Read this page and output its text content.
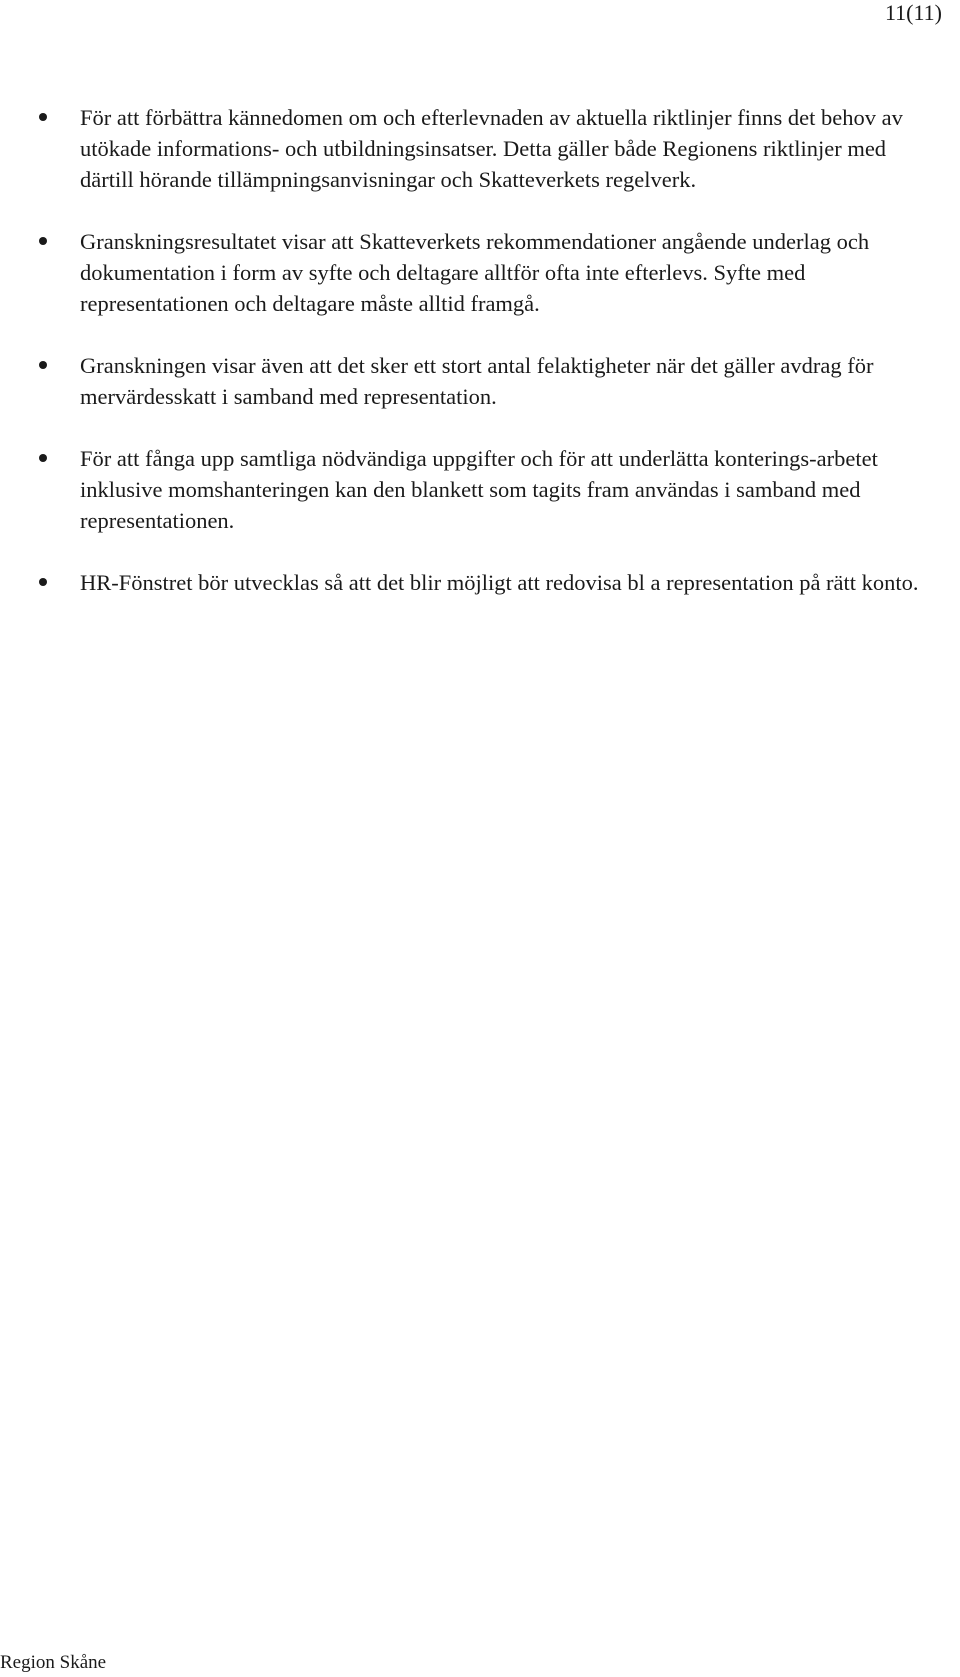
11(11)
För att förbättra kännedomen om och efterlevnaden av aktuella riktlinjer finns det behov av utökade informations- och utbildningsinsatser. Detta gäller både Regionens riktlinjer med därtill hörande tillämpningsanvisningar och Skatteverkets regelverk.
Granskningsresultatet visar att Skatteverkets rekommendationer angående underlag och dokumentation i form av syfte och deltagare alltför ofta inte efterlevs. Syfte med representationen och deltagare måste alltid framgå.
Granskningen visar även att det sker ett stort antal felaktigheter när det gäller avdrag för mervärdesskatt i samband med representation.
För att fånga upp samtliga nödvändiga uppgifter och för att underlätta konterings-arbetet inklusive momshanteringen kan den blankett som tagits fram användas i samband med representationen.
HR-Fönstret bör utvecklas så att det blir möjligt att redovisa bl a representation på rätt konto.
Region Skåne
